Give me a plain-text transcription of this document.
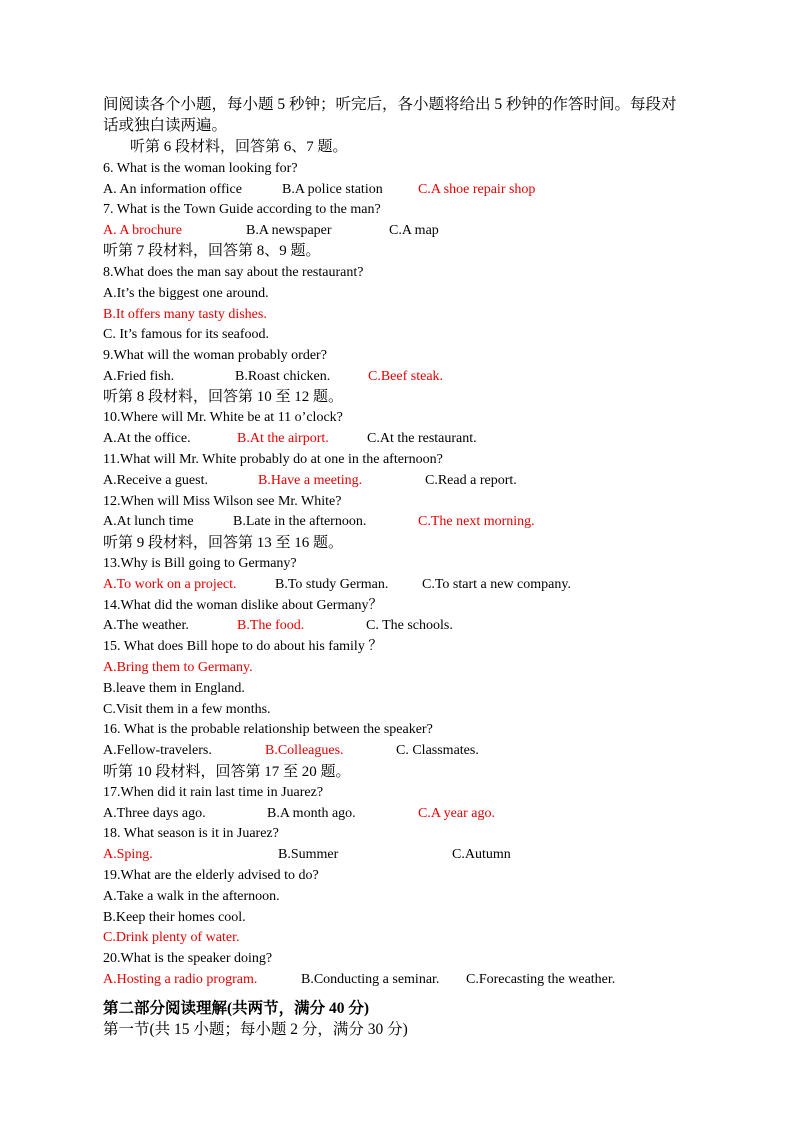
间阅读各个小题，每小题 5 秒钟；听完后，各小题将给出 5 秒钟的作答时间。每段对
话或独白读两遍。
听第 6 段材料，回答第 6、7 题。
6. What is the woman looking for?

A. An information office

	B.A police station

	C.A shoe repair shop

7. What is the Town Guide according to the man?

A. A brochure

	B.A newspaper

	C.A map

听第 7 段材料，回答第 8、9 题。
8.What does the man say about the restaurant?
A.It’s the biggest one around.
B.It offers many tasty dishes.
C. It’s famous for its seafood.
9.What will the woman probably order?

A.Fried fish.

	B.Roast chicken.

	C.Beef steak.

听第 8 段材料，回答第 10 至 12 题。
10.Where will Mr. White be at 11 o’clock?

A.At the office.

	B.At the airport.

	C.At the restaurant.

11.What will Mr. White probably do at one in the afternoon?

A.Receive a guest.

	B.Have a meeting.

	C.Read a report.

12.When will Miss Wilson see Mr. White?

A.At lunch time

	B.Late in the afternoon.

	C.The next morning.

听第 9 段材料，回答第 13 至 16 题。
13.Why is Bill going to Germany?

A.To work on a project.

	B.To study German.

C.To start a new company.

14.What did the woman dislike about Germany？

A.The weather.

	B.The food.

	C. The schools.

15. What does Bill hope to do about his family ？
A.Bring them to Germany.
B.leave them in England.
C.Visit them in a few months.
16. What is the probable relationship between the speaker?

A.Fellow-travelers.

	B.Colleagues.

	C. Classmates.

听第 10 段材料，回答第 17 至 20 题。
17.When did it rain last time in Juarez?

A.Three days ago.

	B.A month ago.

	C.A year ago.

18. What season is it in Juarez?

A.Sping.

	B.Summer

	C.Autumn

19.What are the elderly advised to do?
A.Take a walk in the afternoon.
B.Keep their homes cool.
C.Drink plenty of water.
20.What is the speaker doing?

A.Hosting a radio program.

	B.Conducting a seminar.

C.Forecasting the weather.

第二部分阅读理解(共两节，满分 40 分)
第一节(共 15 小题；每小题 2 分，满分 30 分)
